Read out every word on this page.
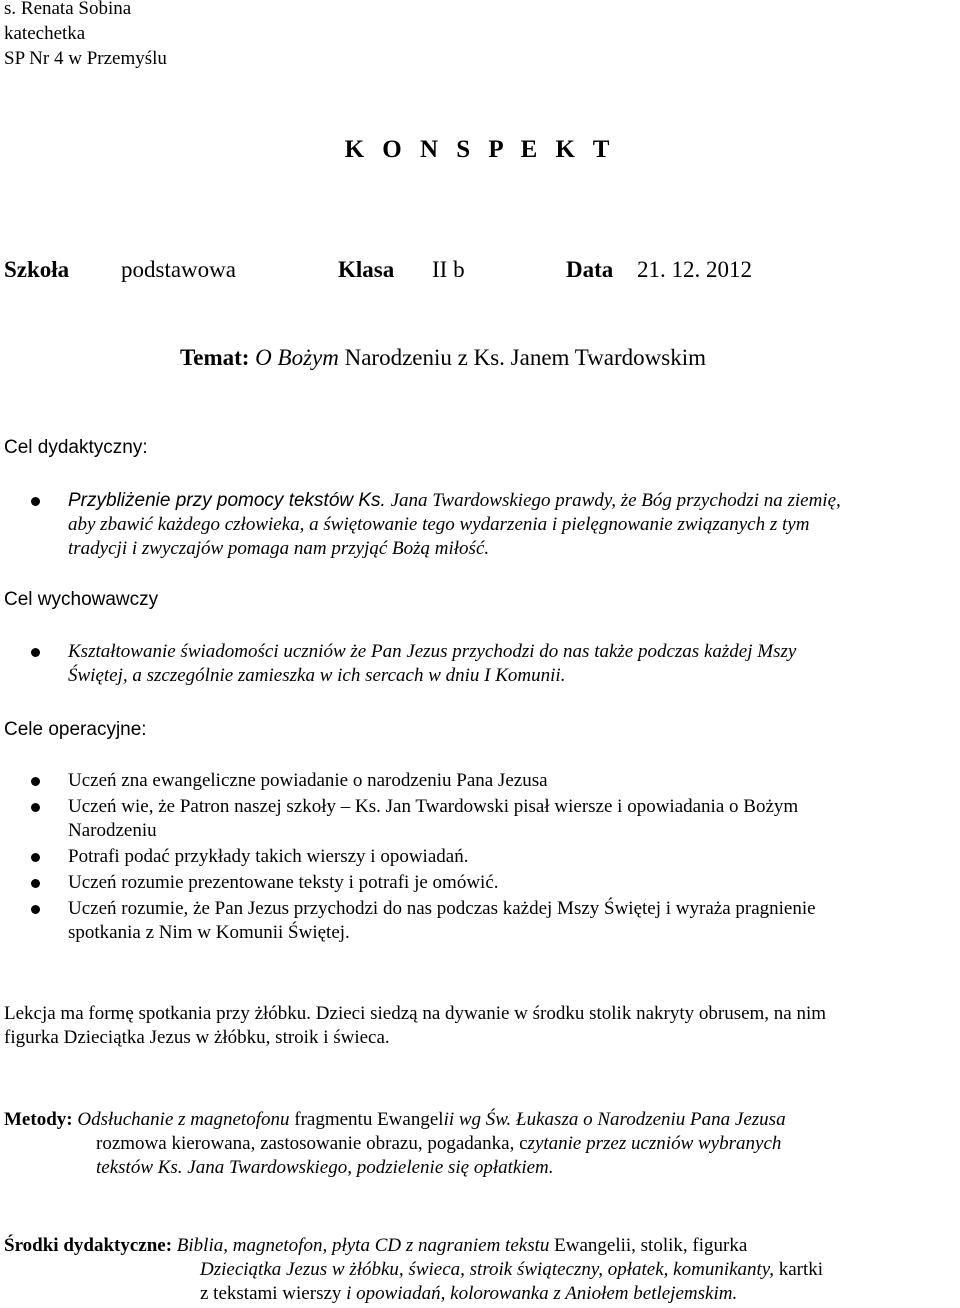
s. Renata Sobina
katechetka
SP Nr 4 w Przemyślu
K O N S P E K T
Szkoła podstawowa	Klasa II b	Data 21. 12. 2012
Temat: O Bożym Narodzeniu z Ks. Janem Twardowskim
Cel dydaktyczny:
Przybliżenie przy pomocy tekstów Ks. Jana Twardowskiego prawdy, że Bóg przychodzi na ziemię,
aby zbawić każdego człowieka, a świętowanie tego wydarzenia i pielęgnowanie związanych z tym
tradycji i zwyczajów pomaga nam przyjąć Bożą miłość.
Cel wychowawczy
Kształtowanie świadomości uczniów że Pan Jezus przychodzi do nas także podczas każdej Mszy
Świętej, a szczególnie zamieszka w ich sercach w dniu I Komunii.
Cele operacyjne:
Uczeń zna ewangeliczne powiadanie o narodzeniu Pana Jezusa
Uczeń wie, że Patron naszej szkoły – Ks. Jan Twardowski pisał wiersze i opowiadania o Bożym
Narodzeniu
Potrafi podać przykłady takich wierszy i opowiadań.
Uczeń rozumie prezentowane teksty i potrafi je omówić.
Uczeń rozumie, że Pan Jezus przychodzi do nas podczas każdej Mszy Świętej i wyraża pragnienie
spotkania z Nim w Komunii Świętej.
Lekcja ma formę spotkania przy żłóbku. Dzieci siedzą na dywanie w środku stolik nakryty obrusem, na nim
figurka Dzieciątka Jezus w żłóbku, stroik i świeca.
Metody: Odsłuchanie z magnetofonu fragmentu Ewangelii wg Św. Łukasza o Narodzeniu Pana Jezusa
rozmowa kierowana, zastosowanie obrazu, pogadanka, czytanie przez uczniów wybranych
tekstów Ks. Jana Twardowskiego, podzielenie się opłatkiem.
Środki dydaktyczne: Biblia, magnetofon, płyta CD z nagraniem tekstu Ewangelii, stolik, figurka
Dzieciątka Jezus w żłóbku, świeca, stroik świąteczny, opłatek, komunikanty, kartki
z tekstami wierszy i opowiadań, kolorowanka z Aniołem betlejemskim.
